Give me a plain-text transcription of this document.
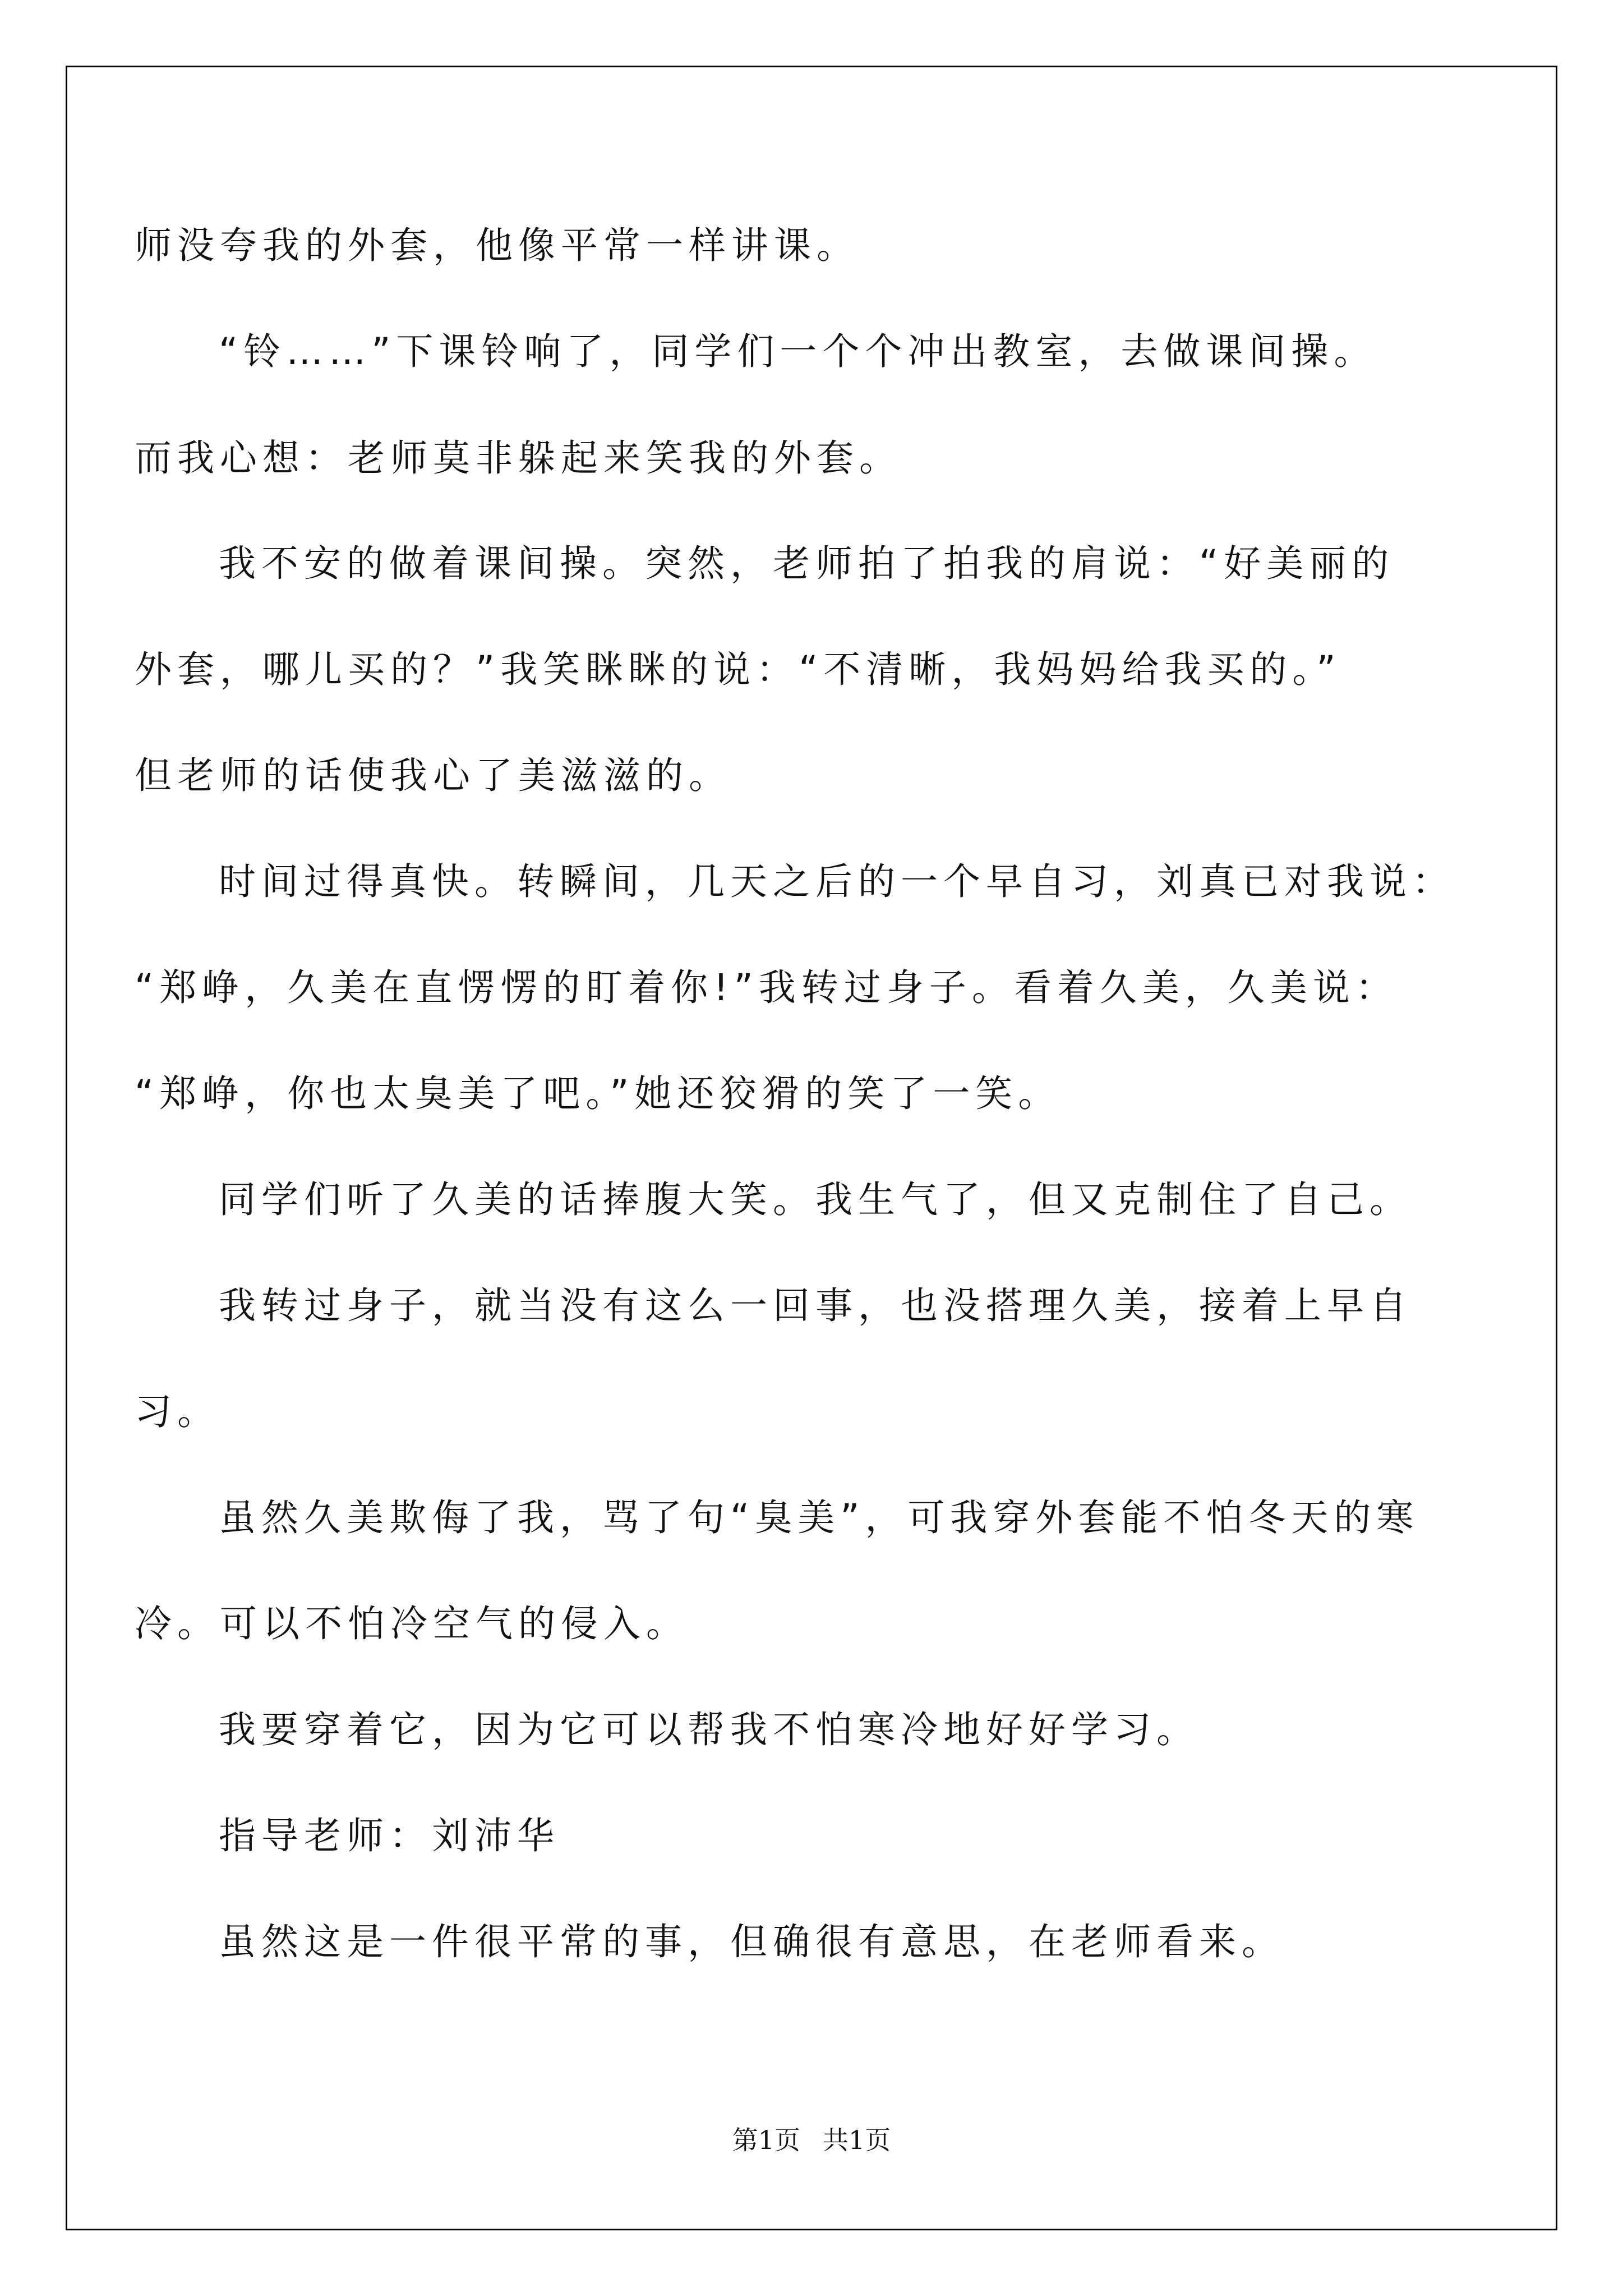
师没夸我的外套，他像平常一样讲课。
“铃……”下课铃响了，同学们一个个冲出教室，去做课间操。
而我心想：老师莫非躲起来笑我的外套。
我不安的做着课间操。突然，老师拍了拍我的肩说：“好美丽的
外套，哪儿买的？”我笑眯眯的说：“不清晰，我妈妈给我买的。”
但老师的话使我心了美滋滋的。
时间过得真快。转瞬间，几天之后的一个早自习，刘真已对我说：
“郑峥，久美在直愣愣的盯着你!”我转过身子。看着久美，久美说：
“郑峥，你也太臭美了吧。”她还狡猾的笑了一笑。
同学们听了久美的话捧腹大笑。我生气了，但又克制住了自己。
我转过身子，就当没有这么一回事，也没搭理久美，接着上早自
习。
虽然久美欺侮了我，骂了句“臭美”，可我穿外套能不怕冬天的寒
冷。可以不怕冷空气的侵入。
我要穿着它，因为它可以帮我不怕寒冷地好好学习。
指导老师：刘沛华
虽然这是一件很平常的事，但确很有意思，在老师看来。
第1页 共1页
